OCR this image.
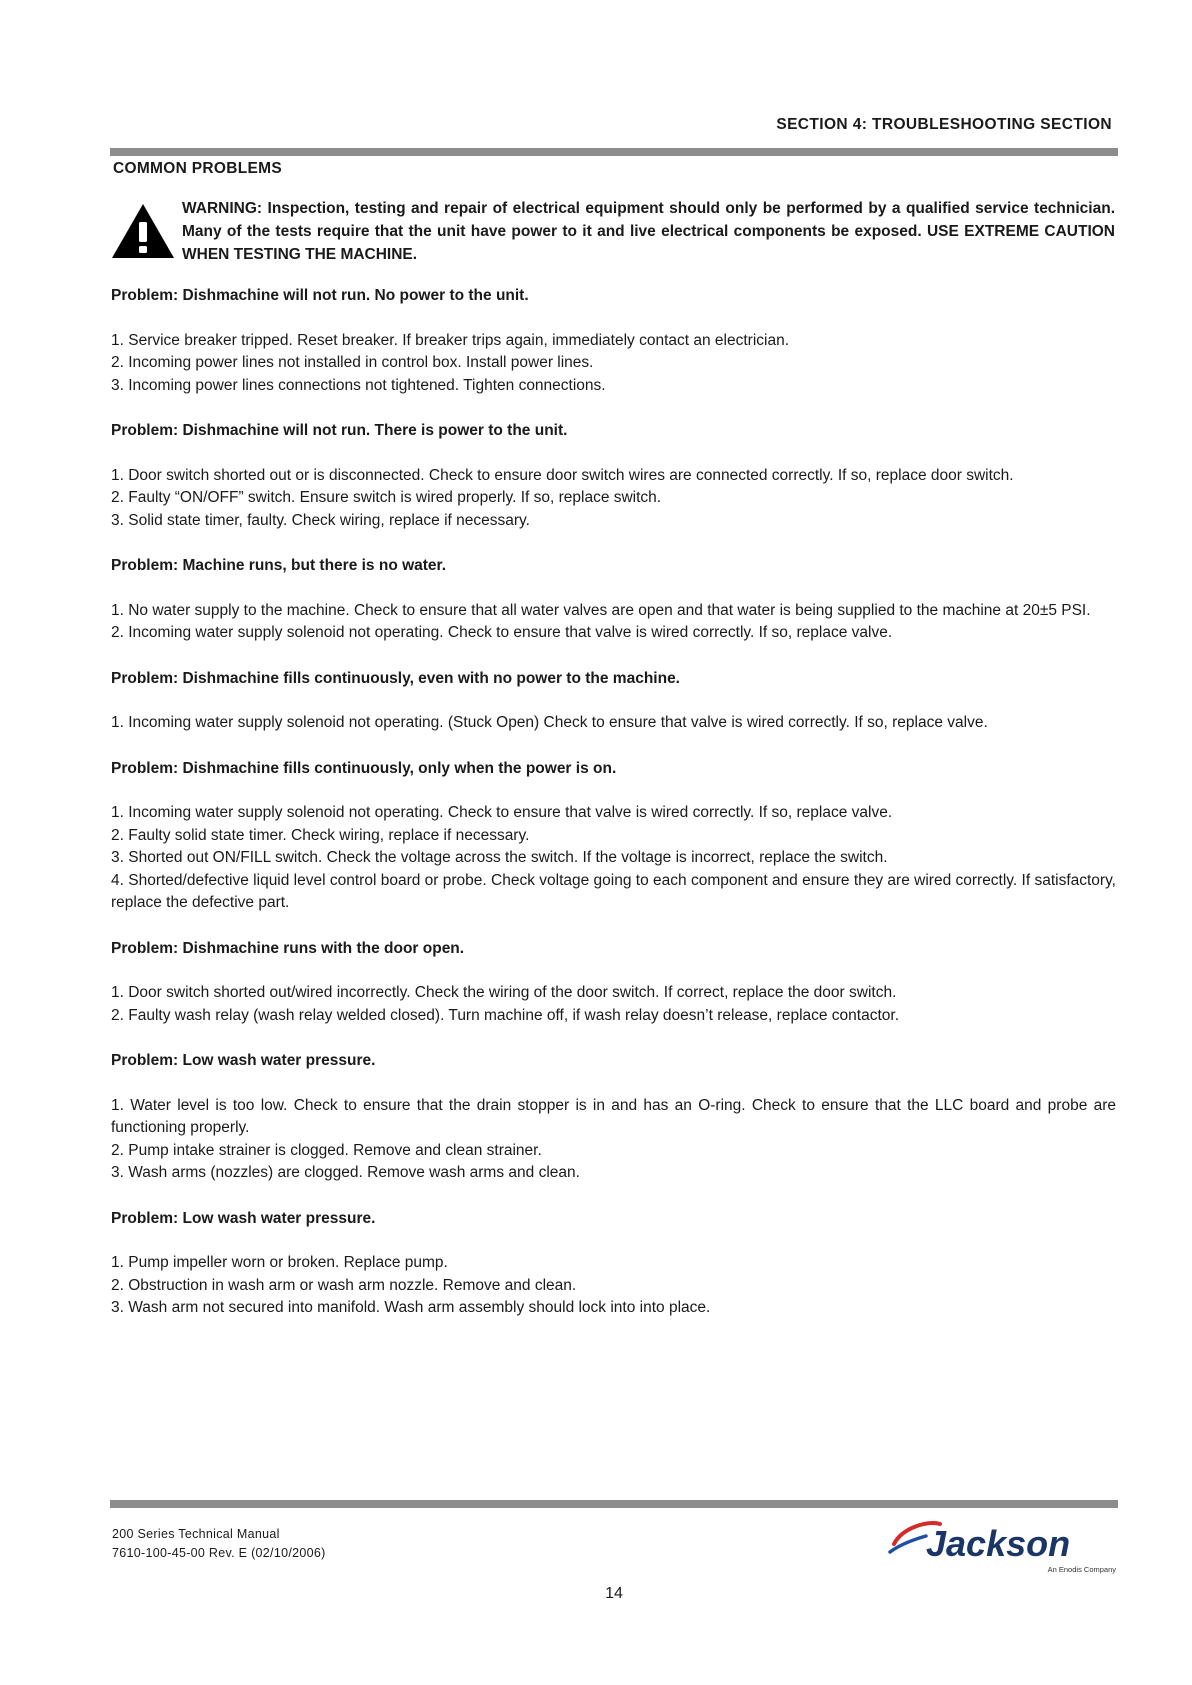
SECTION 4: TROUBLESHOOTING SECTION
COMMON PROBLEMS
WARNING: Inspection, testing and repair of electrical equipment should only be performed by a qualified service technician. Many of the tests require that the unit have power to it and live electrical components be exposed. USE EXTREME CAUTION WHEN TESTING THE MACHINE.

Problem: Dishmachine will not run. No power to the unit.

1. Service breaker tripped. Reset breaker. If breaker trips again, immediately contact an electrician.
2. Incoming power lines not installed in control box. Install power lines.
3. Incoming power lines connections not tightened. Tighten connections.

Problem: Dishmachine will not run. There is power to the unit.

1. Door switch shorted out or is disconnected. Check to ensure door switch wires are connected correctly. If so, replace door switch.
2. Faulty “ON/OFF” switch. Ensure switch is wired properly. If so, replace switch.
3. Solid state timer, faulty. Check wiring, replace if necessary.

Problem: Machine runs, but there is no water.

1. No water supply to the machine. Check to ensure that all water valves are open and that water is being supplied to the machine at 20±5 PSI.
2. Incoming water supply solenoid not operating. Check to ensure that valve is wired correctly. If so, replace valve.

Problem: Dishmachine fills continuously, even with no power to the machine.

1. Incoming water supply solenoid not operating. (Stuck Open) Check to ensure that valve is wired correctly. If so, replace valve.

Problem: Dishmachine fills continuously, only when the power is on.

1. Incoming water supply solenoid not operating. Check to ensure that valve is wired correctly. If so, replace valve.
2. Faulty solid state timer. Check wiring, replace if necessary.
3. Shorted out ON/FILL switch. Check the voltage across the switch. If the voltage is incorrect, replace the switch.
4. Shorted/defective liquid level control board or probe. Check voltage going to each component and ensure they are wired correctly. If satisfactory, replace the defective part.

Problem: Dishmachine runs with the door open.

1. Door switch shorted out/wired incorrectly. Check the wiring of the door switch. If correct, replace the door switch.
2. Faulty wash relay (wash relay welded closed). Turn machine off, if wash relay doesn’t release, replace contactor.

Problem: Low wash water pressure.

1. Water level is too low. Check to ensure that the drain stopper is in and has an O-ring. Check to ensure that the LLC board and probe are functioning properly.
2. Pump intake strainer is clogged. Remove and clean strainer.
3. Wash arms (nozzles) are clogged. Remove wash arms and clean.

Problem: Low wash water pressure.

1. Pump impeller worn or broken. Replace pump.
2. Obstruction in wash arm or wash arm nozzle. Remove and clean.
3. Wash arm not secured into manifold. Wash arm assembly should lock into into place.
200 Series Technical Manual
7610-100-45-00 Rev. E (02/10/2006)	Jackson
An Enodis Company
14
